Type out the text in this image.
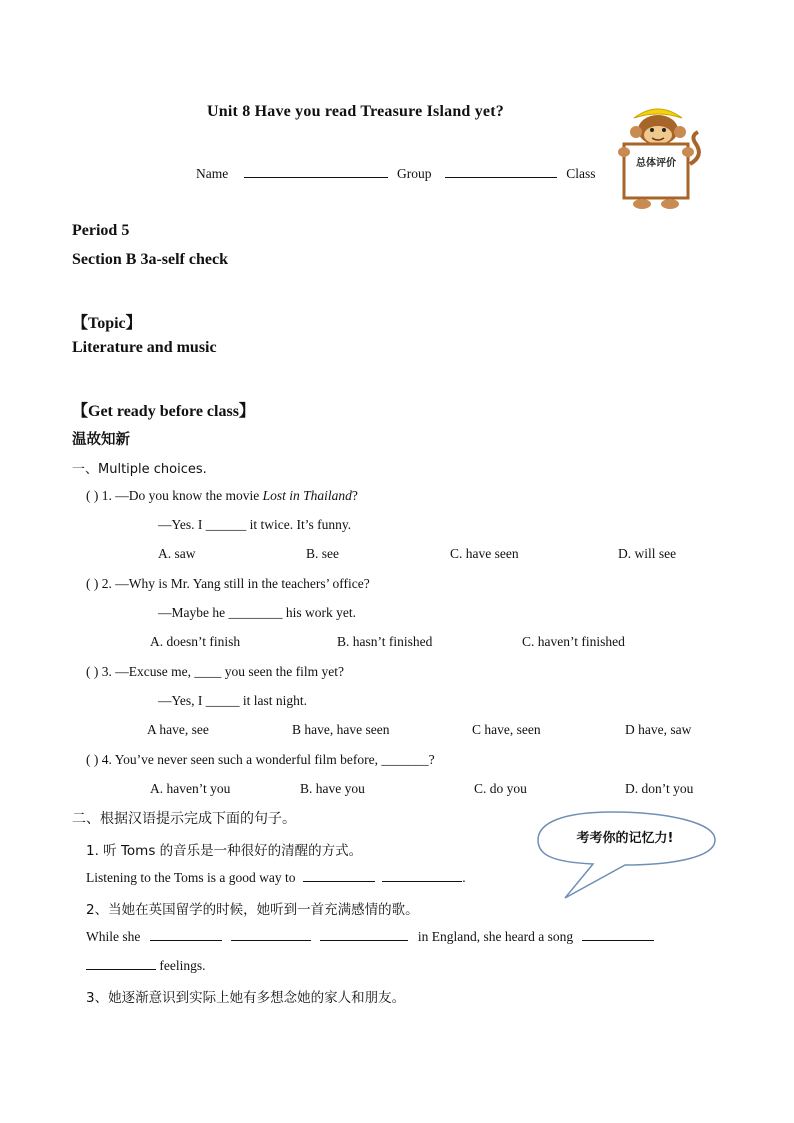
Unit 8 Have you read Treasure Island yet?
Name	Group	Class
总体评价
Period 5
Section B 3a-self check
【Topic】
Literature and music
【Get ready before class】
温故知新
一、Multiple choices.
( ) 1. —Do you know the movie Lost in Thailand?
—Yes. I ______ it twice. It’s funny.
A. saw	B. see	C. have seen	D. will see
( ) 2. —Why is Mr. Yang still in the teachers’ office?
—Maybe he ________ his work yet.
A. doesn’t finish	B. hasn’t finished	C. haven’t finished
( ) 3. —Excuse me, ____ you seen the film yet?
—Yes, I _____ it last night.
A have, see	B have, have seen	C have, seen	D have, saw
( ) 4. You’ve never seen such a wonderful film before, _______?
A. haven’t you	B. have you	C. do you	D. don’t you
二、根据汉语提示完成下面的句子。
考考你的记忆力!
1. 听 Toms 的音乐是一种很好的清醒的方式。
Listening to the Toms is a good way to	.
2、当她在英国留学的时候，她听到一首充满感情的歌。
While she	in England, she heard a song
feelings.
3、她逐渐意识到实际上她有多想念她的家人和朋友。
